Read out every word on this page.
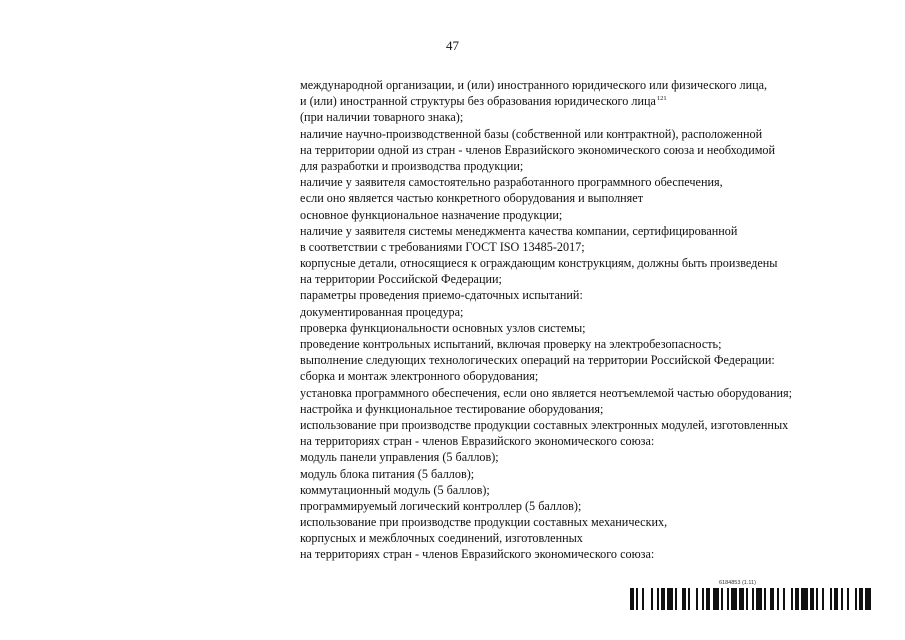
47
международной организации, и (или) иностранного юридического или физического лица,
и (или) иностранной структуры без образования юридического лица$^{121}$
(при наличии товарного знака);
наличие научно-производственной базы (собственной или контрактной), расположенной
на территории одной из стран - членов Евразийского экономического союза и необходимой
для разработки и производства продукции;
наличие у заявителя самостоятельно разработанного программного обеспечения,
если оно является частью конкретного оборудования и выполняет
основное функциональное назначение продукции;
наличие у заявителя системы менеджмента качества компании, сертифицированной
в соответствии с требованиями ГОСТ ISO 13485-2017;
корпусные детали, относящиеся к ограждающим конструкциям, должны быть произведены
на территории Российской Федерации;
параметры проведения приемо-сдаточных испытаний:
документированная процедура;
проверка функциональности основных узлов системы;
проведение контрольных испытаний, включая проверку на электробезопасность;
выполнение следующих технологических операций на территории Российской Федерации:
сборка и монтаж электронного оборудования;
установка программного обеспечения, если оно является неотъемлемой частью оборудования;
настройка и функциональное тестирование оборудования;
использование при производстве продукции составных электронных модулей, изготовленных
на территориях стран - членов Евразийского экономического союза:
модуль панели управления (5 баллов);
модуль блока питания (5 баллов);
коммутационный модуль (5 баллов);
программируемый логический контроллер (5 баллов);
использование при производстве продукции составных механических,
корпусных и межблочных соединений, изготовленных
на территориях стран - членов Евразийского экономического союза:
6184853 (1.11)
